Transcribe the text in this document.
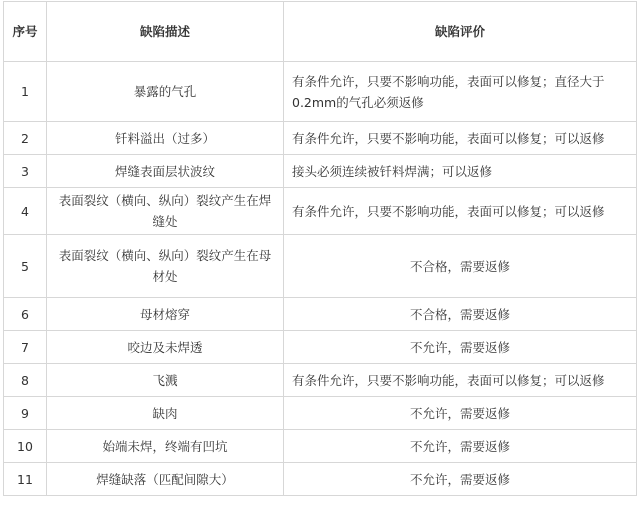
序号	缺陷描述	缺陷评价
1	暴露的气孔	有条件允许，只要不影响功能，表面可以修复；直径大于0.2mm的气孔必须返修
2	钎料溢出（过多）	有条件允许，只要不影响功能，表面可以修复；可以返修
3	焊缝表面层状波纹	接头必须连续被钎料焊满；可以返修
4	表面裂纹（横向、纵向）裂纹产生在焊缝处	有条件允许，只要不影响功能，表面可以修复；可以返修
5	表面裂纹（横向、纵向）裂纹产生在母材处	不合格，需要返修
6	母材熔穿	不合格，需要返修
7	咬边及未焊透	不允许，需要返修
8	飞溅	有条件允许，只要不影响功能，表面可以修复；可以返修
9	缺肉	不允许，需要返修
10	始端未焊，终端有凹坑	不允许，需要返修
11	焊缝缺落（匹配间隙大）	不允许，需要返修
